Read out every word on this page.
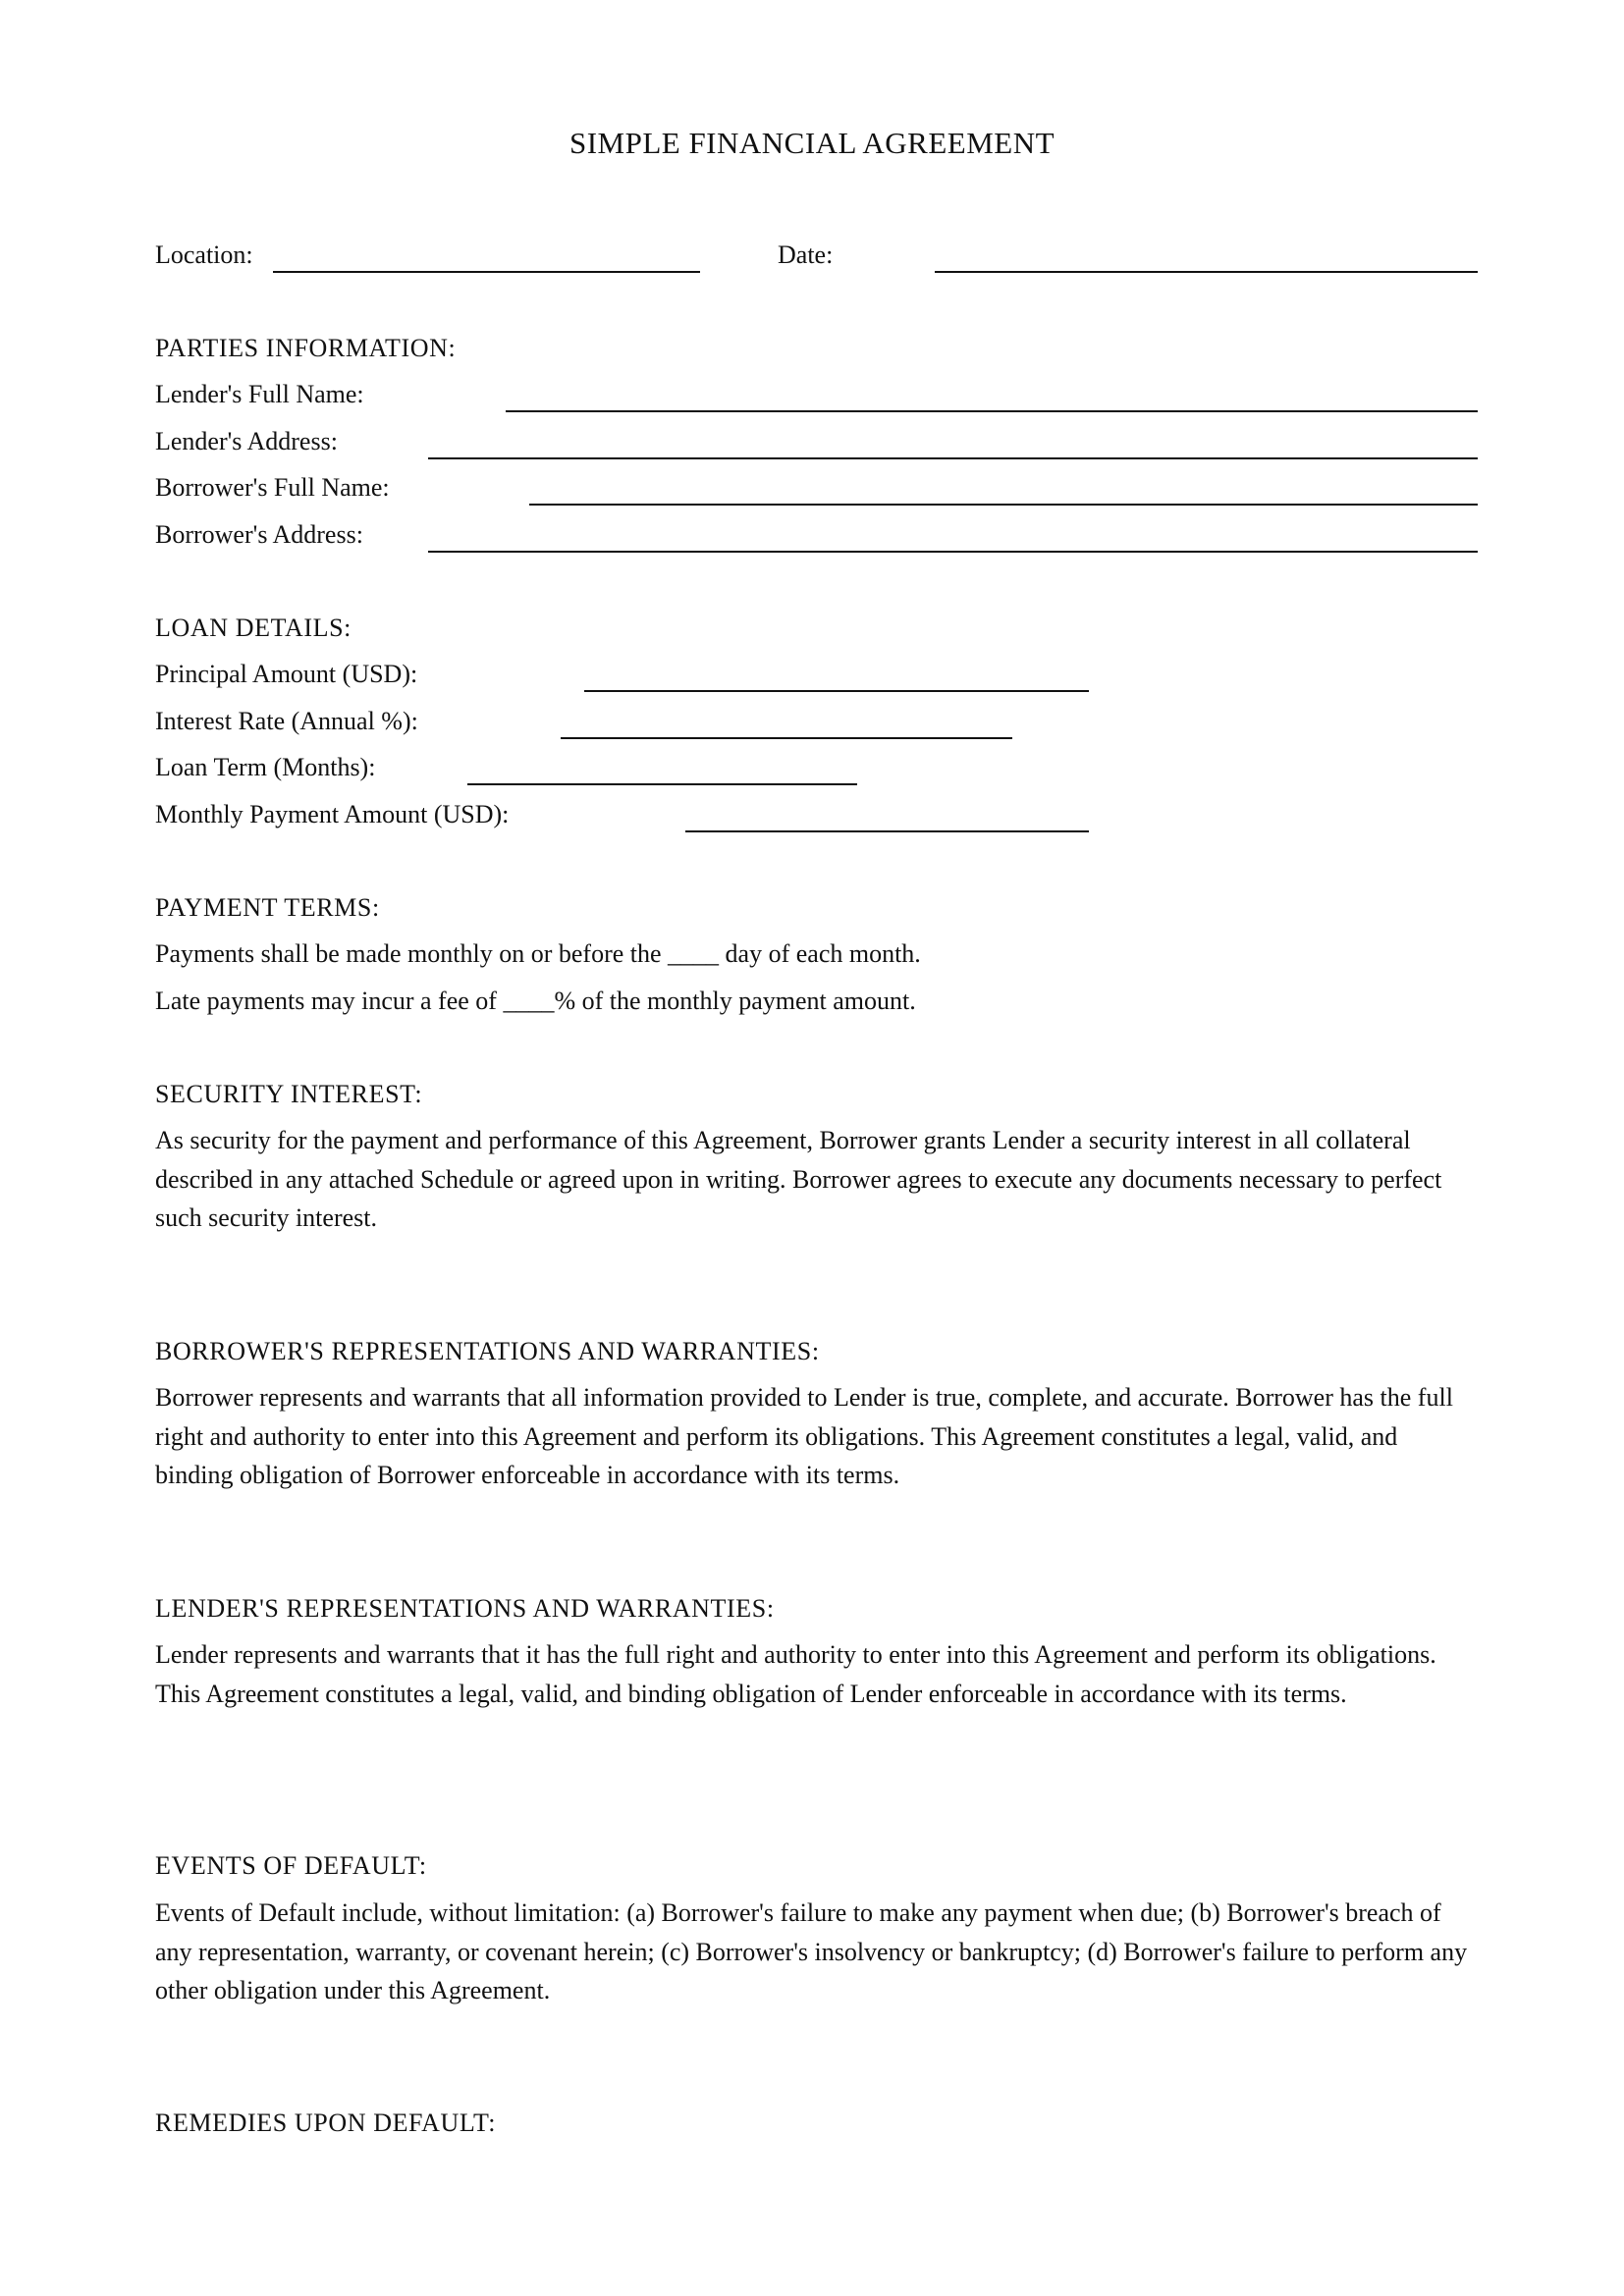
SIMPLE FINANCIAL AGREEMENT
Location:	Date:
PARTIES INFORMATION:
Lender's Full Name:
Lender's Address:
Borrower's Full Name:
Borrower's Address:
LOAN DETAILS:
Principal Amount (USD):
Interest Rate (Annual %):
Loan Term (Months):
Monthly Payment Amount (USD):
PAYMENT TERMS:
Payments shall be made monthly on or before the ____ day of each month.
Late payments may incur a fee of ____% of the monthly payment amount.
SECURITY INTEREST:
As security for the payment and performance of this Agreement, Borrower grants Lender a security interest in all collateral described in any attached Schedule or agreed upon in writing. Borrower agrees to execute any documents necessary to perfect such security interest.
BORROWER'S REPRESENTATIONS AND WARRANTIES:
Borrower represents and warrants that all information provided to Lender is true, complete, and accurate. Borrower has the full right and authority to enter into this Agreement and perform its obligations. This Agreement constitutes a legal, valid, and binding obligation of Borrower enforceable in accordance with its terms.
LENDER'S REPRESENTATIONS AND WARRANTIES:
Lender represents and warrants that it has the full right and authority to enter into this Agreement and perform its obligations. This Agreement constitutes a legal, valid, and binding obligation of Lender enforceable in accordance with its terms.
EVENTS OF DEFAULT:
Events of Default include, without limitation: (a) Borrower's failure to make any payment when due; (b) Borrower's breach of any representation, warranty, or covenant herein; (c) Borrower's insolvency or bankruptcy; (d) Borrower's failure to perform any other obligation under this Agreement.
REMEDIES UPON DEFAULT:
